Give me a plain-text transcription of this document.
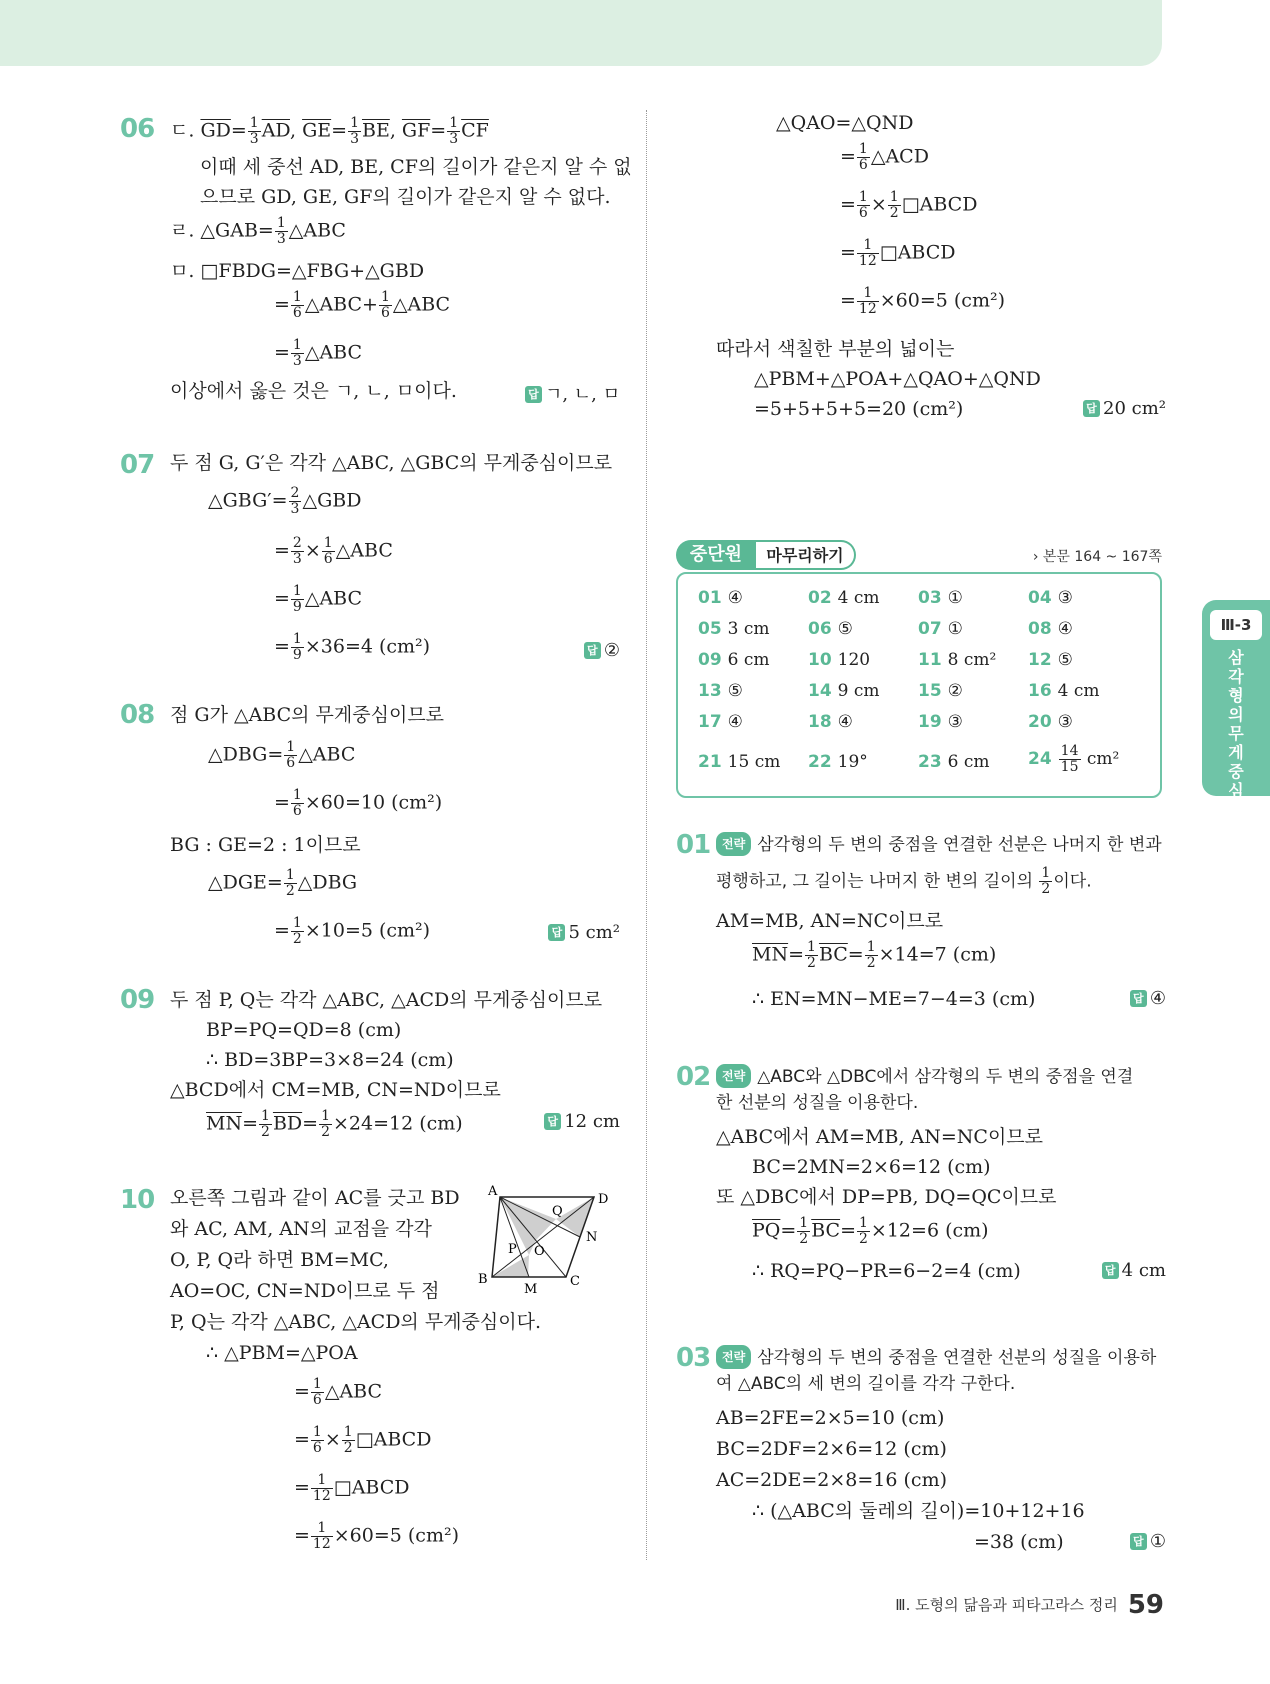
06 ㄷ. $\overline{GD}= \frac{1}{3} \overline{AD}$, $\overline{GE}= \frac{1}{3} \overline{BE}$, $\overline{GF}= \frac{1}{3} \overline{CF}$
이때 세 중선 AD, BE, CF의 길이가 같은지 알 수 없
으므로 GD, GE, GF의 길이가 같은지 알 수 없다.
ㄹ. △GAB= $\frac{1}{3}$ △ABC
ㅁ. □FBDG=△FBG+△GBD
= $\frac{1}{6}$ △ABC+ $\frac{1}{6}$ △ABC
= $\frac{1}{3}$ △ABC
이상에서 옳은 것은 ㄱ, ㄴ, ㅁ이다.	답 ㄱ, ㄴ, ㅁ
07 두 점 G, G′은 각각 △ABC, △GBC의 무게중심이므로
△GBG′= $\frac{2}{3}$ △GBD
= $\frac{2}{3} \times \frac{1}{6}$ △ABC
= $\frac{1}{9}$ △ABC
= $\frac{1}{9} \times 36=4$ (cm²)	답 ②
08 점 G가 △ABC의 무게중심이므로
△DBG= $\frac{1}{6}$ △ABC
= $\frac{1}{6} \times 60=10$ (cm²)
BG : GE=2 : 1이므로
△DGE= $\frac{1}{2}$ △DBG
= $\frac{1}{2} \times 10=5$ (cm²)	답 5 cm²
09 두 점 P, Q는 각각 △ABC, △ACD의 무게중심이므로
BP=PQ=QD=8 (cm)
∴ BD=3BP=3×8=24 (cm)
△BCD에서 CM=MB, CN=ND이므로
$\overline{MN}= \frac{1}{2} \overline{BD}= \frac{1}{2} \times 24=12$ (cm)	답 12 cm
10 오른쪽 그림과 같이 AC를 긋고 BD
와 AC, AM, AN의 교점을 각각
O, P, Q라 하면 BM=MC,
AO=OC, CN=ND이므로 두 점
P, Q는 각각 △ABC, △ACD의 무게중심이다.
∴ △PBM=△POA
= $\frac{1}{6}$ △ABC
= $\frac{1}{6} \times \frac{1}{2}$ □ABCD
= $\frac{1}{12}$ □ABCD
= $\frac{1}{12} \times 60=5$ (cm²)
A
D
Q
N
P O
B
M
C
△QAO=△QND
= $\frac{1}{6}$ △ACD
= $\frac{1}{6} \times \frac{1}{2}$ □ABCD
= $\frac{1}{12}$ □ABCD
= $\frac{1}{12} \times 60=5$ (cm²)
따라서 색칠한 부분의 넓이는
△PBM+△POA+△QAO+△QND
=5+5+5+5=20 (cm²)	답 20 cm²
중단원	마무리하기	› 본문 164 ~ 167쪽
01 ④	02 4 cm 03 ①	04 ③
05 3 cm 06 ⑤	07 ①	08 ④
09 6 cm 10 120	11 8 cm² 12 ⑤
13 ⑤	14 9 cm 15 ②	16 4 cm
17 ④	18 ④	19 ③	20 ③
21 15 cm 22 19°	23 6 cm $24 \frac{14}{15} cm^2$
Ⅲ-3
삼각형의 무게중심
01 전략 삼각형의 두 변의 중점을 연결한 선분은 나머지 한 변과
평행하고, 그 길이는 나머지 한 변의 길이의 $\frac{1}{2}$ 이다.
AM=MB, AN=NC이므로
$\overline{MN}= \frac{1}{2} \overline{BC}= \frac{1}{2} \times 14=7$ (cm)
∴ EN=MN−ME=7−4=3 (cm)	답 ④
02 전략 △ABC와 △DBC에서 삼각형의 두 변의 중점을 연결
한 선분의 성질을 이용한다.
△ABC에서 AM=MB, AN=NC이므로
BC=2MN=2×6=12 (cm)
또 △DBC에서 DP=PB, DQ=QC이므로
$\overline{PQ}= \frac{1}{2} \overline{BC}= \frac{1}{2} \times 12=6$ (cm)
∴ RQ=PQ−PR=6−2=4 (cm)	답 4 cm
03 전략 삼각형의 두 변의 중점을 연결한 선분의 성질을 이용하
여 △ABC의 세 변의 길이를 각각 구한다.
AB=2FE=2×5=10 (cm)
BC=2DF=2×6=12 (cm)
AC=2DE=2×8=16 (cm)
∴ (△ABC의 둘레의 길이)=10+12+16
=38 (cm)	답 ①
Ⅲ. 도형의 닮음과 피타고라스 정리 59
